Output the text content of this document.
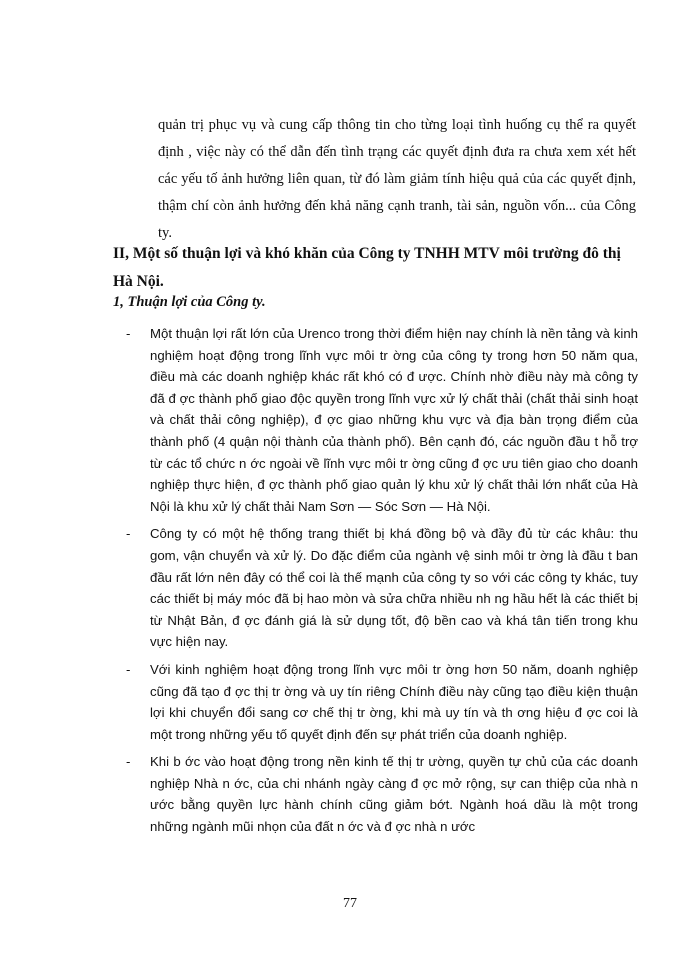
quản trị phục vụ và cung cấp thông tin cho từng loại tình huống cụ thể ra quyết định , việc này có thể dẫn đến tình trạng các quyết định đưa ra chưa xem xét hết các yếu tố ảnh hưởng liên quan, từ đó làm giảm tính hiệu quả của các quyết định, thậm chí còn ảnh hưởng đến khả năng cạnh tranh, tài sản, nguồn vốn... của Công ty.

II, Một số thuận lợi và khó khăn của Công ty TNHH MTV môi trường đô thị Hà Nội.
1, Thuận lợi của Công ty.
- Một thuận lợi rất lớn của Urenco trong thời điểm hiện nay chính là nền tảng và kinh nghiệm hoạt động trong lĩnh vực môi tr ờng của công ty trong hơn 50 năm qua, điều mà các doanh nghiệp khác rất khó có đ ược. Chính nhờ điều này mà công ty đã đ ợc thành phố giao độc quyền trong lĩnh vực xử lý chất thải (chất thải sinh hoạt và chất thải công nghiệp), đ ợc giao những khu vực và địa bàn trọng điểm của thành phố (4 quận nội thành của thành phố). Bên cạnh đó, các nguồn đầu t hỗ trợ từ các tổ chức n ớc ngoài về lĩnh vực môi tr ờng cũng đ ợc ưu tiên giao cho doanh nghiệp thực hiện, đ ợc thành phố giao quản lý khu xử lý chất thải lớn nhất của Hà Nội là khu xử lý chất thải Nam Sơn — Sóc Sơn — Hà Nội.
- Công ty có một hệ thống trang thiết bị khá đồng bộ và đầy đủ từ các khâu: thu gom, vận chuyển và xử lý. Do đặc điểm của ngành vệ sinh môi tr ờng là đầu t ban đầu rất lớn nên đây có thể coi là thế mạnh của công ty so với các công ty khác, tuy các thiết bị máy móc đã bị hao mòn và sửa chữa nhiều nh ng hầu hết là các thiết bị từ Nhật Bản, đ ợc đánh giá là sử dụng tốt, độ bền cao và khá tân tiến trong khu vực hiện nay.
- Với kinh nghiệm hoạt động trong lĩnh vực môi tr ờng hơn 50 năm, doanh nghiệp cũng đã tạo đ ợc thị tr ờng và uy tín riêng Chính điều này cũng tạo điều kiện thuận lợi khi chuyển đổi sang cơ chế thị tr ờng, khi mà uy tín và th ơng hiệu đ ợc coi là một trong những yếu tố quyết định đến sự phát triển của doanh nghiệp.
- Khi b ớc vào hoạt động trong nền kinh tế thị tr ường, quyền tự chủ của các doanh nghiệp Nhà n ớc, của chi nhánh ngày càng đ ợc mở rộng, sự can thiệp của nhà n ước bằng quyền lực hành chính cũng giảm bớt. Ngành hoá dầu là một trong những ngành mũi nhọn của đất n ớc và đ ợc nhà n ước

77
